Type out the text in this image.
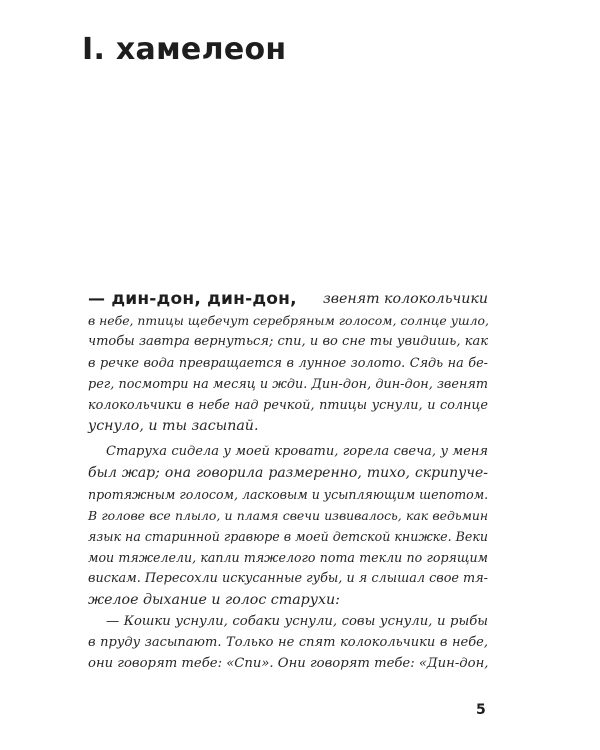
I. хамелеон
— дин-дон, дин-дон, звенят колокольчики
в небе, птицы щебечут серебряным голосом, солнце ушло,
чтобы завтра вернуться; спи, и во сне ты увидишь, как
в речке вода превращается в лунное золото. Сядь на бе-
рег, посмотри на месяц и жди. Дин-дон, дин-дон, звенят
колокольчики в небе над речкой, птицы уснули, и солнце
уснуло, и ты засыпай.
Старуха сидела у моей кровати, горела свеча, у меня
был жар; она говорила размеренно, тихо, скрипуче-
протяжным голосом, ласковым и усыпляющим шепотом.
В голове все плыло, и пламя свечи извивалось, как ведьмин
язык на старинной гравюре в моей детской книжке. Веки
мои тяжелели, капли тяжелого пота текли по горящим
вискам. Пересохли искусанные губы, и я слышал свое тя-
желое дыхание и голос старухи:
— Кошки уснули, собаки уснули, совы уснули, и рыбы
в пруду засыпают. Только не спят колокольчики в небе,
они говорят тебе: «Спи». Они говорят тебе: «Дин-дон,
5
